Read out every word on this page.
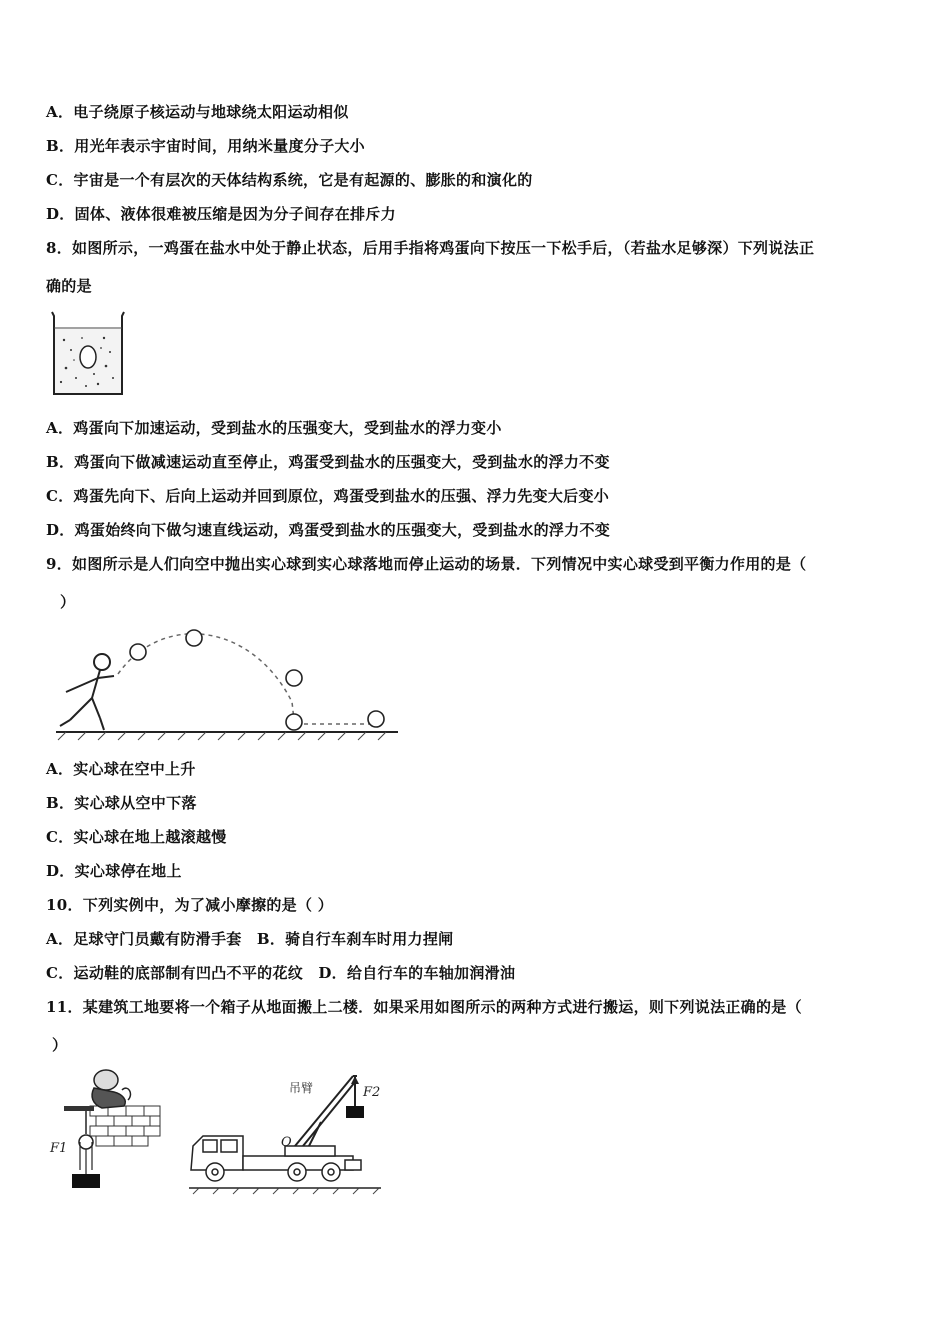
A．电子绕原子核运动与地球绕太阳运动相似
B．用光年表示宇宙时间，用纳米量度分子大小
C．宇宙是一个有层次的天体结构系统，它是有起源的、膨胀的和演化的
D．固体、液体很难被压缩是因为分子间存在排斥力
8．如图所示，一鸡蛋在盐水中处于静止状态，后用手指将鸡蛋向下按压一下松手后，（若盐水足够深）下列说法正
确的是
A．鸡蛋向下加速运动，受到盐水的压强变大，受到盐水的浮力变小
B．鸡蛋向下做减速运动直至停止，鸡蛋受到盐水的压强变大，受到盐水的浮力不变
C．鸡蛋先向下、后向上运动并回到原位，鸡蛋受到盐水的压强、浮力先变大后变小
D．鸡蛋始终向下做匀速直线运动，鸡蛋受到盐水的压强变大，受到盐水的浮力不变
9．如图所示是人们向空中抛出实心球到实心球落地而停止运动的场景．下列情况中实心球受到平衡力作用的是（
）
A．实心球在空中上升
B．实心球从空中下落
C．实心球在地上越滚越慢
D．实心球停在地上
10．下列实例中，为了减小摩擦的是（ ）
A．足球守门员戴有防滑手套　B．骑自行车刹车时用力捏闸
C．运动鞋的底部制有凹凸不平的花纹　D．给自行车的车轴加润滑油
11．某建筑工地要将一个箱子从地面搬上二楼．如果采用如图所示的两种方式进行搬运，则下列说法正确的是（
）
F1
吊臂	F2
O
